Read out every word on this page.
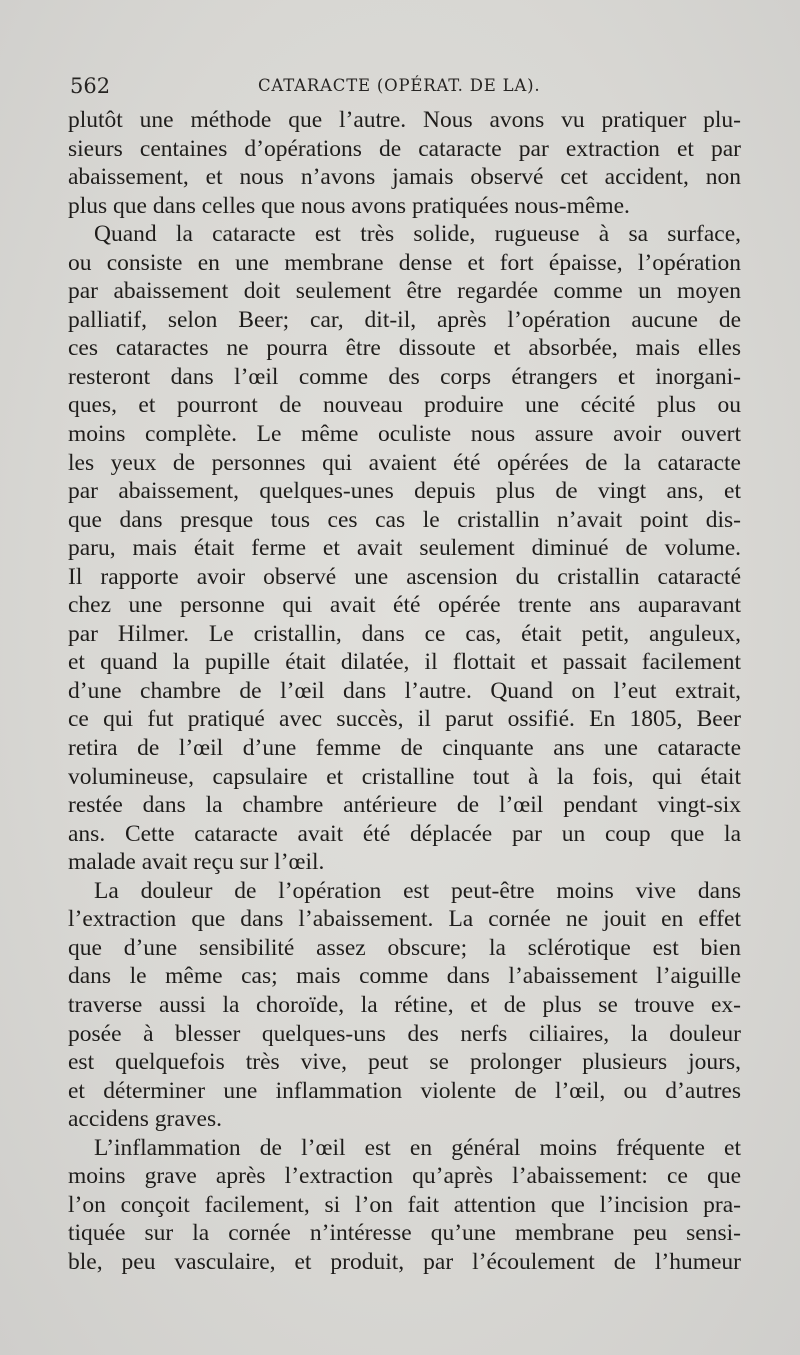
562	CATARACTE (OPÉRAT. DE LA).
plutôt une méthode que l’autre. Nous avons vu pratiquer plu-
sieurs centaines d’opérations de cataracte par extraction et par
abaissement, et nous n’avons jamais observé cet accident, non
plus que dans celles que nous avons pratiquées nous-même.
Quand la cataracte est très solide, rugueuse à sa surface,
ou consiste en une membrane dense et fort épaisse, l’opération
par abaissement doit seulement être regardée comme un moyen
palliatif, selon Beer; car, dit-il, après l’opération aucune de
ces cataractes ne pourra être dissoute et absorbée, mais elles
resteront dans l’œil comme des corps étrangers et inorgani-
ques, et pourront de nouveau produire une cécité plus ou
moins complète. Le même oculiste nous assure avoir ouvert
les yeux de personnes qui avaient été opérées de la cataracte
par abaissement, quelques-unes depuis plus de vingt ans, et
que dans presque tous ces cas le cristallin n’avait point dis-
paru, mais était ferme et avait seulement diminué de volume.
Il rapporte avoir observé une ascension du cristallin cataracté
chez une personne qui avait été opérée trente ans auparavant
par Hilmer. Le cristallin, dans ce cas, était petit, anguleux,
et quand la pupille était dilatée, il flottait et passait facilement
d’une chambre de l’œil dans l’autre. Quand on l’eut extrait,
ce qui fut pratiqué avec succès, il parut ossifié. En 1805, Beer
retira de l’œil d’une femme de cinquante ans une cataracte
volumineuse, capsulaire et cristalline tout à la fois, qui était
restée dans la chambre antérieure de l’œil pendant vingt-six
ans. Cette cataracte avait été déplacée par un coup que la
malade avait reçu sur l’œil.
La douleur de l’opération est peut-être moins vive dans
l’extraction que dans l’abaissement. La cornée ne jouit en effet
que d’une sensibilité assez obscure; la sclérotique est bien
dans le même cas; mais comme dans l’abaissement l’aiguille
traverse aussi la choroïde, la rétine, et de plus se trouve ex-
posée à blesser quelques-uns des nerfs ciliaires, la douleur
est quelquefois très vive, peut se prolonger plusieurs jours,
et déterminer une inflammation violente de l’œil, ou d’autres
accidens graves.
L’inflammation de l’œil est en général moins fréquente et
moins grave après l’extraction qu’après l’abaissement: ce que
l’on conçoit facilement, si l’on fait attention que l’incision pra-
tiquée sur la cornée n’intéresse qu’une membrane peu sensi-
ble, peu vasculaire, et produit, par l’écoulement de l’humeur
